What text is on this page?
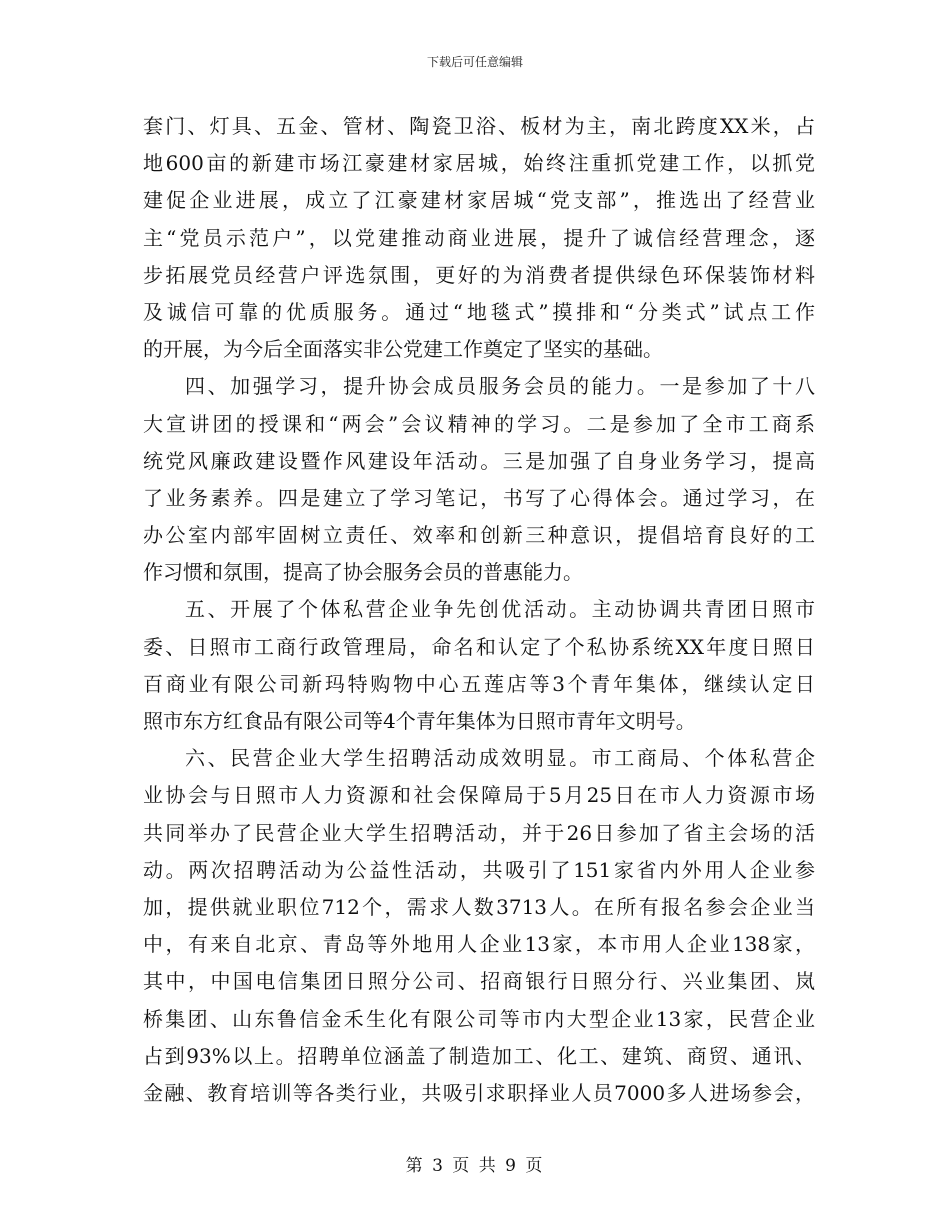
下载后可任意编辑
套门、灯具、五金、管材、陶瓷卫浴、板材为主，南北跨度XX米，占
地600亩的新建市场江豪建材家居城，始终注重抓党建工作，以抓党
建促企业进展，成立了江豪建材家居城“党支部”，推选出了经营业
主“党员示范户”，以党建推动商业进展，提升了诚信经营理念，逐
步拓展党员经营户评选氛围，更好的为消费者提供绿色环保装饰材料
及诚信可靠的优质服务。通过“地毯式”摸排和“分类式”试点工作
的开展，为今后全面落实非公党建工作奠定了坚实的基础。
四、加强学习，提升协会成员服务会员的能力。一是参加了十八
大宣讲团的授课和“两会”会议精神的学习。二是参加了全市工商系
统党风廉政建设暨作风建设年活动。三是加强了自身业务学习，提高
了业务素养。四是建立了学习笔记，书写了心得体会。通过学习，在
办公室内部牢固树立责任、效率和创新三种意识，提倡培育良好的工
作习惯和氛围，提高了协会服务会员的普惠能力。
五、开展了个体私营企业争先创优活动。主动协调共青团日照市
委、日照市工商行政管理局，命名和认定了个私协系统XX年度日照日
百商业有限公司新玛特购物中心五莲店等3个青年集体，继续认定日
照市东方红食品有限公司等4个青年集体为日照市青年文明号。
六、民营企业大学生招聘活动成效明显。市工商局、个体私营企
业协会与日照市人力资源和社会保障局于5月25日在市人力资源市场
共同举办了民营企业大学生招聘活动，并于26日参加了省主会场的活
动。两次招聘活动为公益性活动，共吸引了151家省内外用人企业参
加，提供就业职位712个，需求人数3713人。在所有报名参会企业当
中，有来自北京、青岛等外地用人企业13家，本市用人企业138家，
其中，中国电信集团日照分公司、招商银行日照分行、兴业集团、岚
桥集团、山东鲁信金禾生化有限公司等市内大型企业13家，民营企业
占到93%以上。招聘单位涵盖了制造加工、化工、建筑、商贸、通讯、
金融、教育培训等各类行业，共吸引求职择业人员7000多人进场参会，
第 3 页 共 9 页
